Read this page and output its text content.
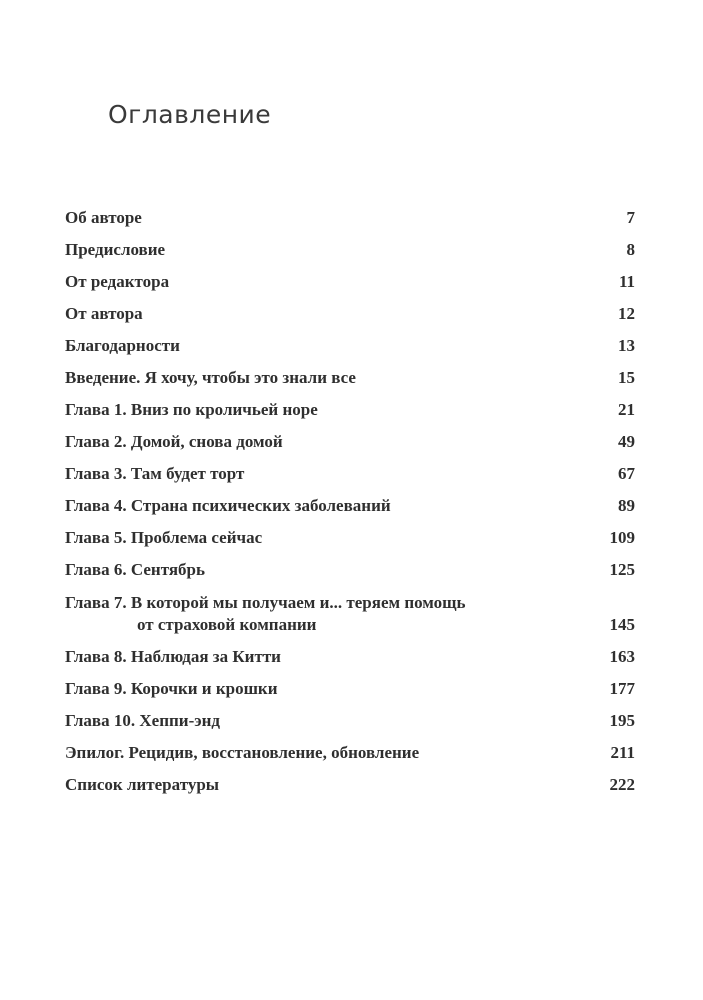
Оглавление
Об авторе	7
Предисловие	8
От редактора	11
От автора	12
Благодарности	13
Введение. Я хочу, чтобы это знали все	15
Глава 1. Вниз по кроличьей норе	21
Глава 2. Домой, снова домой	49
Глава 3. Там будет торт	67
Глава 4. Страна психических заболеваний	89
Глава 5. Проблема сейчас	109
Глава 6. Сентябрь	125
Глава 7. В которой мы получаем и... теряем помощь
от страховой компании	145
Глава 8. Наблюдая за Китти	163
Глава 9. Корочки и крошки	177
Глава 10. Хеппи-энд	195
Эпилог. Рецидив, восстановление, обновление	211
Список литературы	222
